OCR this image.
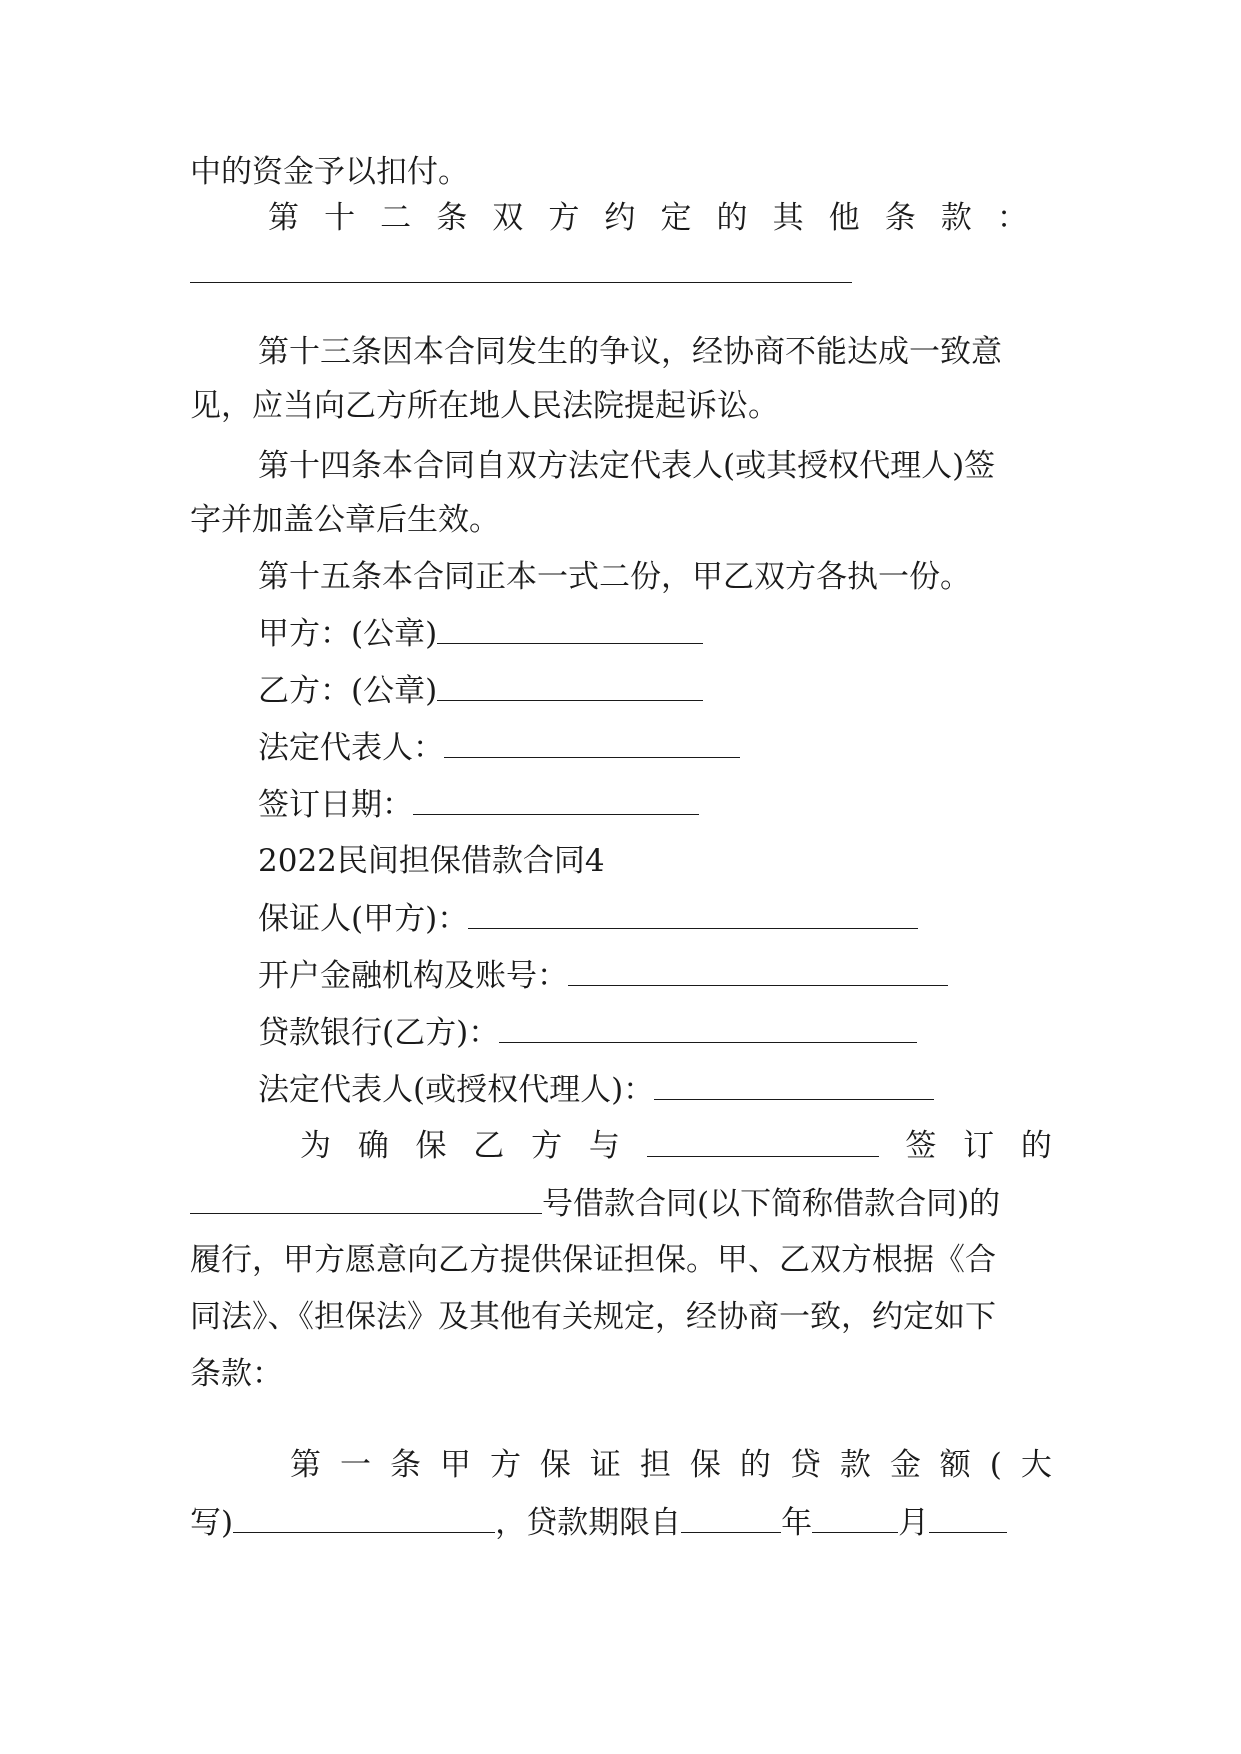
中的资金予以扣付。
第 十 二 条 双 方 约 定 的 其 他 条 款 ：
第十三条因本合同发生的争议，经协商不能达成一致意
见，应当向乙方所在地人民法院提起诉讼。
第十四条本合同自双方法定代表人(或其授权代理人)签
字并加盖公章后生效。
第十五条本合同正本一式二份，甲乙双方各执一份。
甲方：(公章)
乙方：(公章)
法定代表人：
签订日期：
2022民间担保借款合同4
保证人(甲方)：
开户金融机构及账号：
贷款银行(乙方)：
法定代表人(或授权代理人)：
为 确 保 乙 方 与	签 订 的
号借款合同(以下简称借款合同)的
履行，甲方愿意向乙方提供保证担保。甲、乙双方根据《合
同法》、《担保法》及其他有关规定，经协商一致，约定如下
条款：
第 一 条 甲 方 保 证 担 保 的 贷 款 金 额 ( 大
写)	，贷款期限自	年	月
